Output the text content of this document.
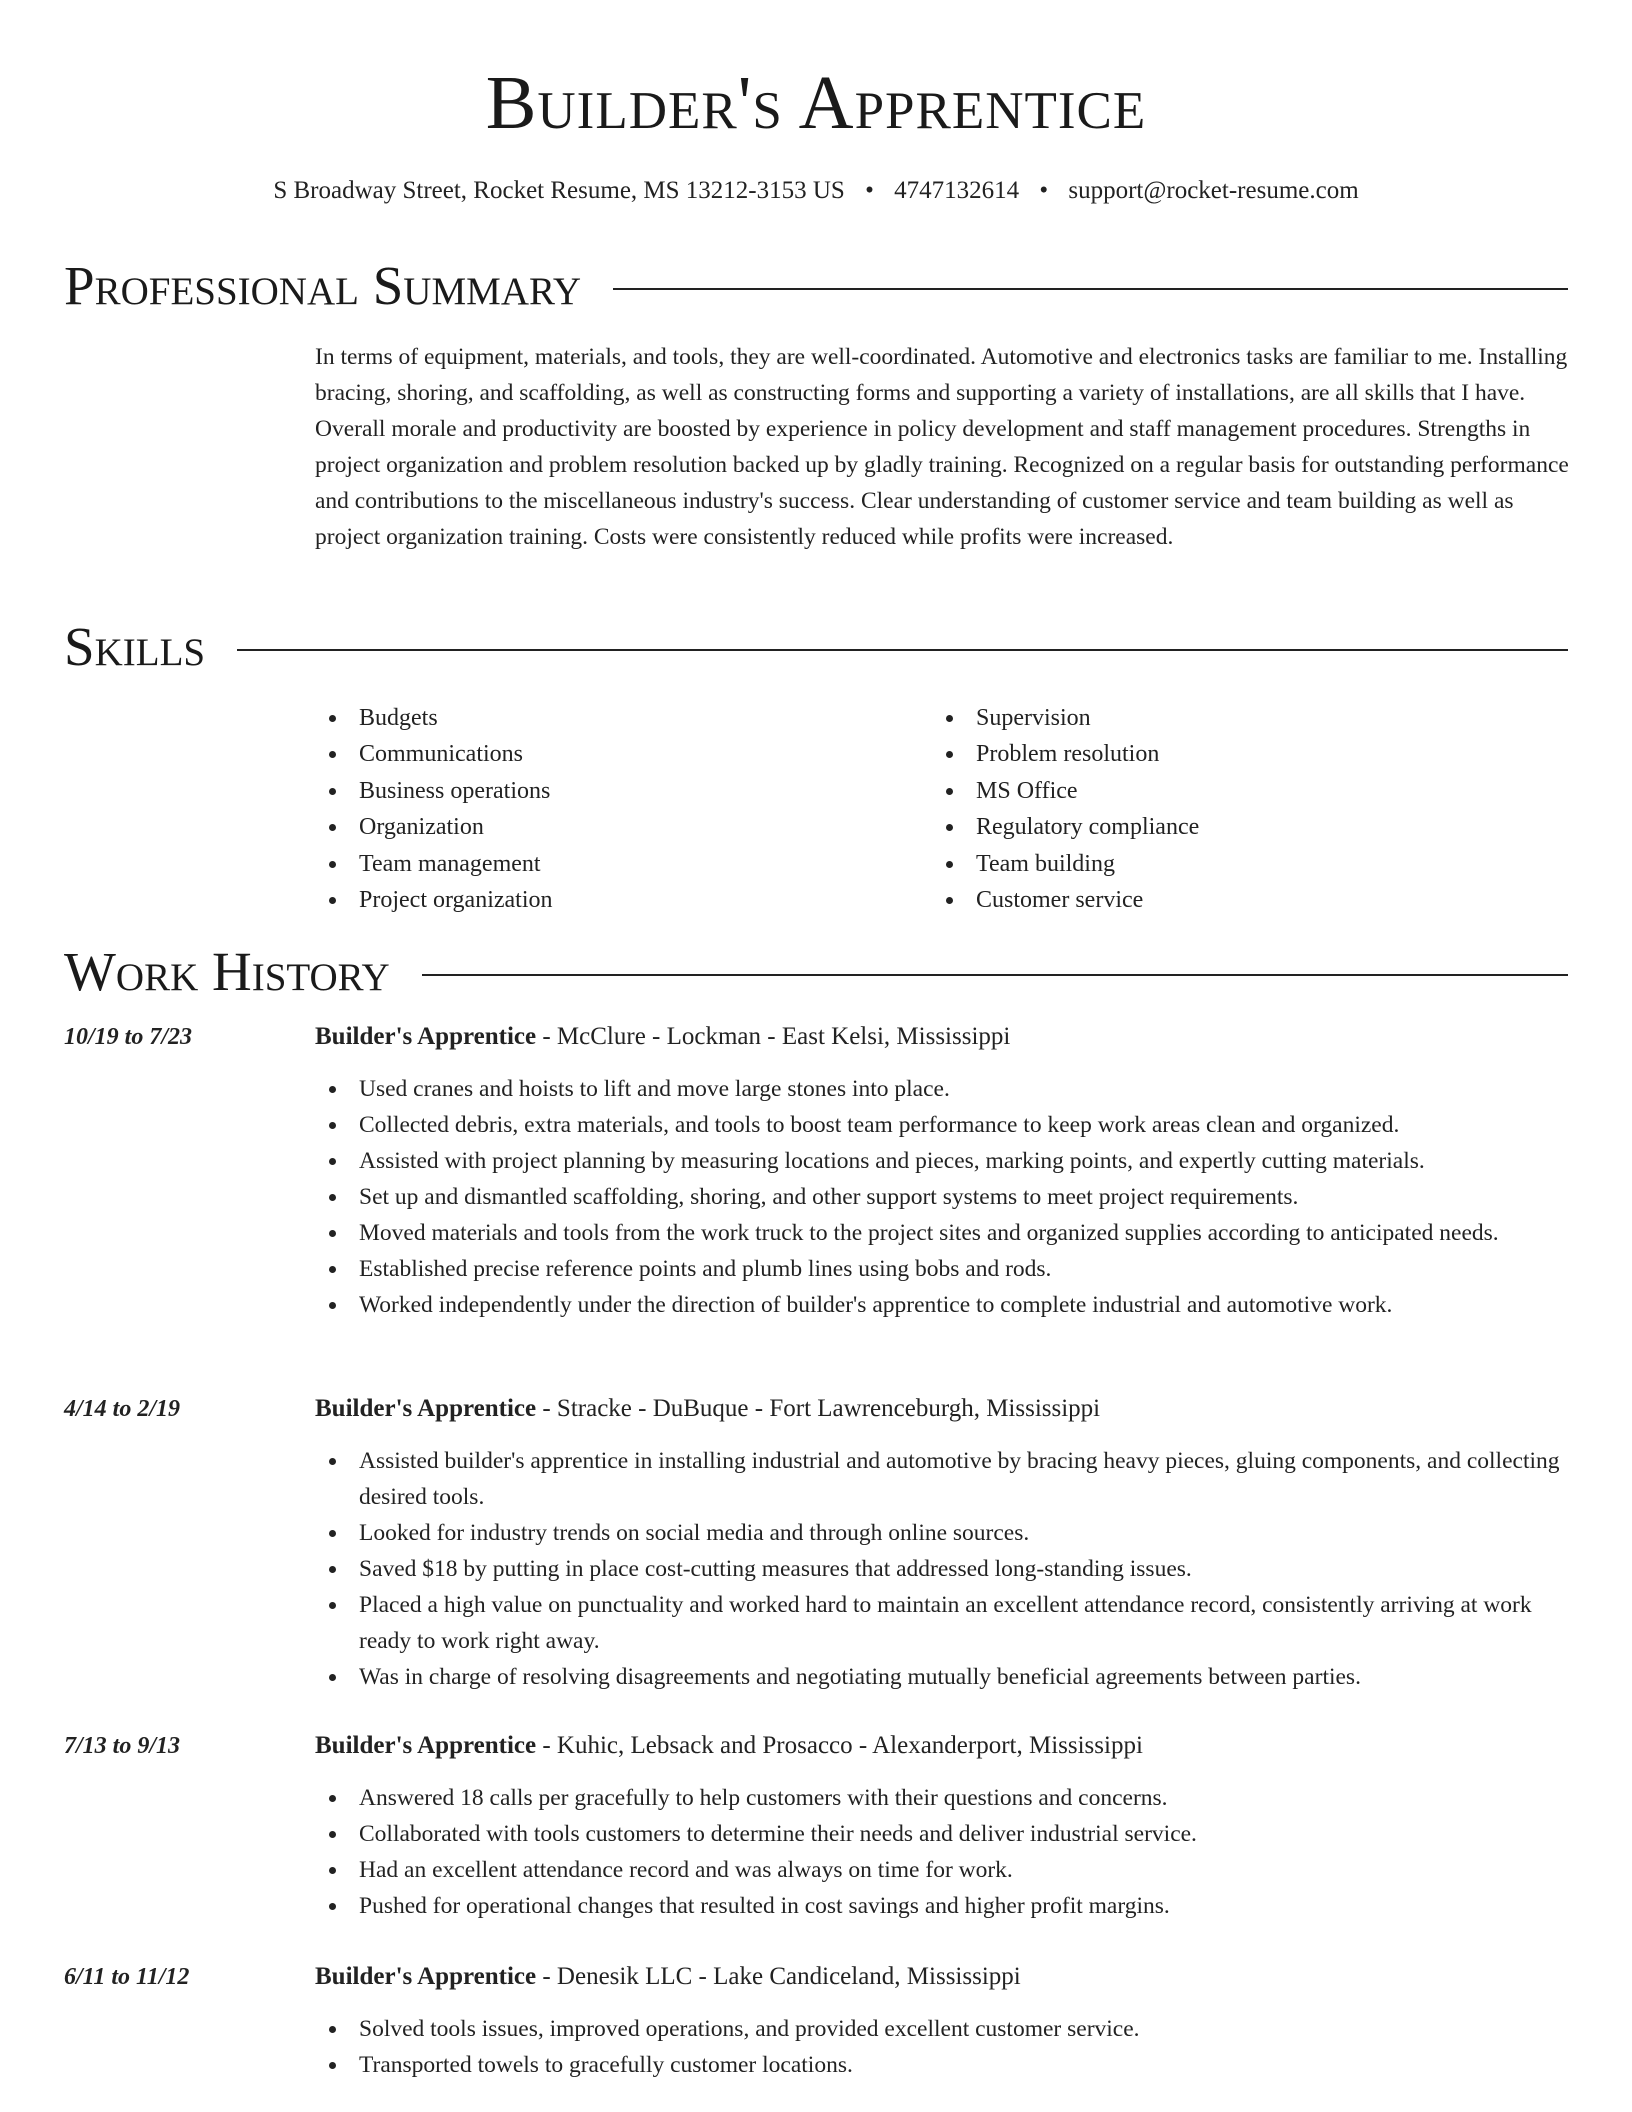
Builder's Apprentice
S Broadway Street, Rocket Resume, MS 13212-3153 US • 4747132614 • support@rocket-resume.com
Professional Summary
In terms of equipment, materials, and tools, they are well-coordinated. Automotive and electronics tasks are familiar to me. Installing bracing, shoring, and scaffolding, as well as constructing forms and supporting a variety of installations, are all skills that I have. Overall morale and productivity are boosted by experience in policy development and staff management procedures. Strengths in project organization and problem resolution backed up by gladly training. Recognized on a regular basis for outstanding performance and contributions to the miscellaneous industry's success. Clear understanding of customer service and team building as well as project organization training. Costs were consistently reduced while profits were increased.
Skills
Budgets
Communications
Business operations
Organization
Team management
Project organization
Supervision
Problem resolution
MS Office
Regulatory compliance
Team building
Customer service
Work History
10/19 to 7/23	Builder's Apprentice - McClure - Lockman - East Kelsi, Mississippi
Used cranes and hoists to lift and move large stones into place.
Collected debris, extra materials, and tools to boost team performance to keep work areas clean and organized.
Assisted with project planning by measuring locations and pieces, marking points, and expertly cutting materials.
Set up and dismantled scaffolding, shoring, and other support systems to meet project requirements.
Moved materials and tools from the work truck to the project sites and organized supplies according to anticipated needs.
Established precise reference points and plumb lines using bobs and rods.
Worked independently under the direction of builder's apprentice to complete industrial and automotive work.
4/14 to 2/19	Builder's Apprentice - Stracke - DuBuque - Fort Lawrenceburgh, Mississippi
Assisted builder's apprentice in installing industrial and automotive by bracing heavy pieces, gluing components, and collecting desired tools.
Looked for industry trends on social media and through online sources.
Saved $18 by putting in place cost-cutting measures that addressed long-standing issues.
Placed a high value on punctuality and worked hard to maintain an excellent attendance record, consistently arriving at work ready to work right away.
Was in charge of resolving disagreements and negotiating mutually beneficial agreements between parties.
7/13 to 9/13	Builder's Apprentice - Kuhic, Lebsack and Prosacco - Alexanderport, Mississippi
Answered 18 calls per gracefully to help customers with their questions and concerns.
Collaborated with tools customers to determine their needs and deliver industrial service.
Had an excellent attendance record and was always on time for work.
Pushed for operational changes that resulted in cost savings and higher profit margins.
6/11 to 11/12	Builder's Apprentice - Denesik LLC - Lake Candiceland, Mississippi
Solved tools issues, improved operations, and provided excellent customer service.
Transported towels to gracefully customer locations.
